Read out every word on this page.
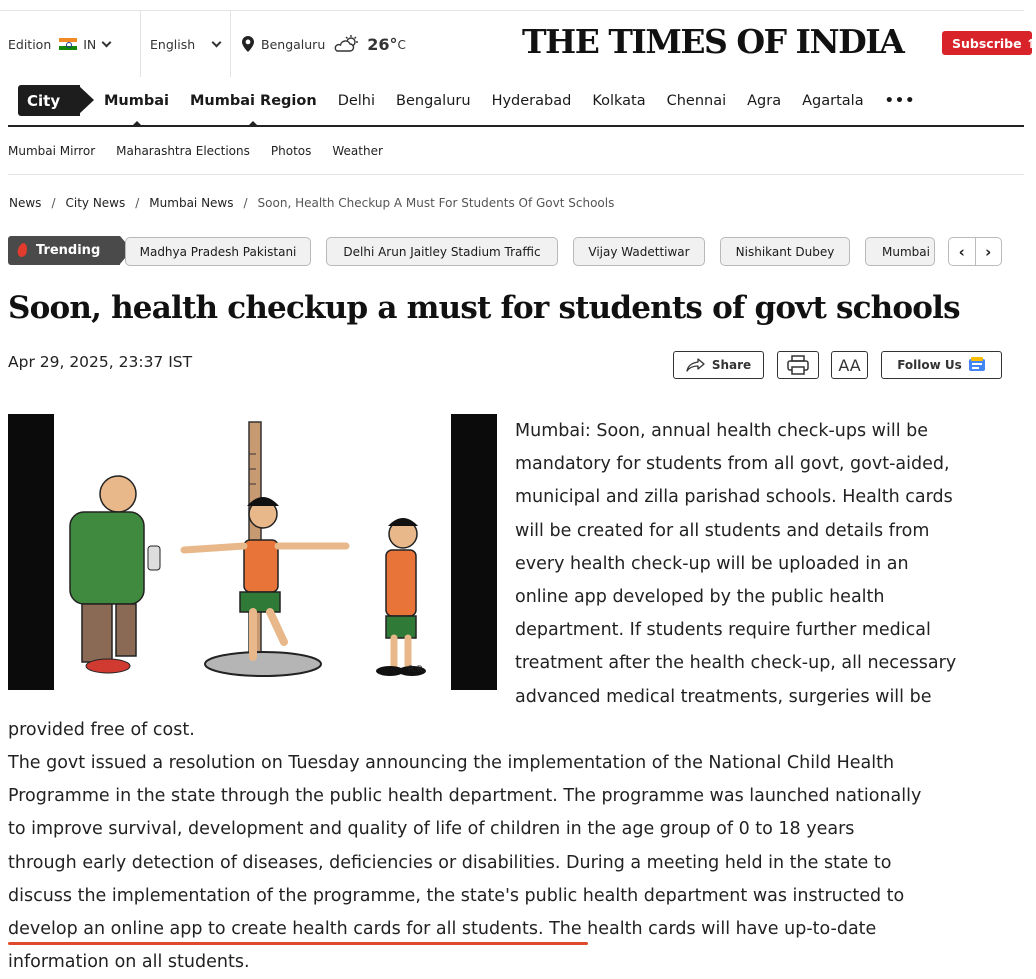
Edition	IN	English	Bengaluru	26° C	THE TIMES OF INDIA	Subscribe ↑
City	Mumbai Mumbai Region Delhi Bengaluru Hyderabad Kolkata Chennai Agra Agartala •••
Mumbai Mirror Maharashtra Elections Photos Weather
News / City News / Mumbai News / Soon, Health Checkup A Must For Students Of Govt Schools
Trending	Madhya Pradesh Pakistani	Delhi Arun Jaitley Stadium Traffic	Vijay Wadettiwar	Nishikant Dubey	Mumbai	‹	›
Soon, health checkup a must for students of govt schools
Apr 29, 2025, 23:37 IST	Share	AA	Follow Us
R.R.
Mumbai: Soon, annual health check-ups will be
mandatory for students from all govt, govt-aided,
municipal and zilla parishad schools. Health cards
will be created for all students and details from
every health check-up will be uploaded in an
online app developed by the public health
department. If students require further medical
treatment after the health check-up, all necessary
advanced medical treatments, surgeries will be
provided free of cost.
The govt issued a resolution on Tuesday announcing the implementation of the National Child Health
Programme in the state through the public health department. The programme was launched nationally
to improve survival, development and quality of life of children in the age group of 0 to 18 years
through early detection of diseases, deficiencies or disabilities. During a meeting held in the state to
discuss the implementation of the programme, the state's public health department was instructed to
develop an online app to create health cards for all students. The health cards will have up-to-date
information on all students.
